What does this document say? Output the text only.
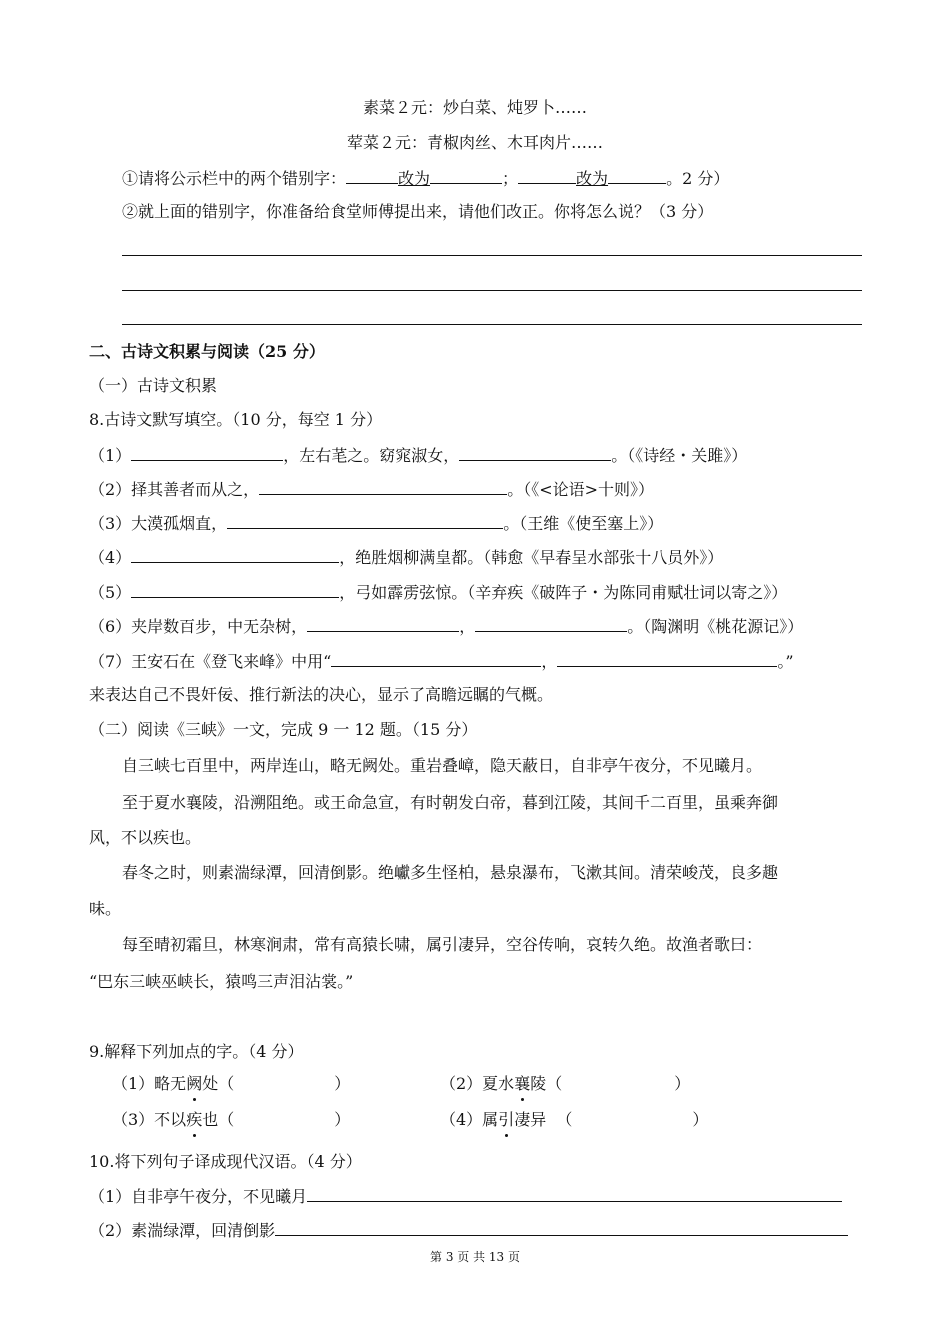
素菜２元：炒白菜、炖罗卜……
荤菜２元：青椒肉丝、木耳肉片……
①请将公示栏中的两个错别字：	改为	；	改为	。2 分）
②就上面的错别字，你准备给食堂师傅提出来，请他们改正。你将怎么说？（3 分）
二、古诗文积累与阅读（25 分）
（一）古诗文积累
8.古诗文默写填空。（10 分，每空 1 分）
（1）	，左右芼之。窈窕淑女，	。（《诗经・关雎》）
（2）择其善者而从之，	。（《<论语>十则》）
（3）大漠孤烟直，	。（王维《使至塞上》）
（4）	，绝胜烟柳满皇都。（韩愈《早春呈水部张十八员外》）
（5）	，弓如霹雳弦惊。（辛弃疾《破阵子・为陈同甫赋壮词以寄之》）
（6）夹岸数百步，中无杂树，	，	。（陶渊明《桃花源记》）
（7）王安石在《登飞来峰》中用“	，	。”
来表达自己不畏奸佞、推行新法的决心，显示了高瞻远瞩的气概。
（二）阅读《三峡》一文，完成 9 一 12 题。（15 分）
自三峡七百里中，两岸连山，略无阙处。重岩叠嶂，隐天蔽日，自非亭午夜分，不见曦月。
至于夏水襄陵，沿溯阻绝。或王命急宣，有时朝发白帝，暮到江陵，其间千二百里，虽乘奔御
风，不以疾也。
春冬之时，则素湍绿潭，回清倒影。绝巘多生怪柏，悬泉瀑布，飞漱其间。清荣峻茂，良多趣
味。
每至晴初霜旦，林寒涧肃，常有高猿长啸，属引凄异，空谷传响，哀转久绝。故渔者歌曰：
“巴东三峡巫峡长，猿鸣三声泪沾裳。”
9.解释下列加点的字。（4 分）
（1）略无阙处（	）	（2）夏水襄陵（	）
（3）不以疾也（	）	（4）属引凄异  （	）
10.将下列句子译成现代汉语。（4 分）
（1）自非亭午夜分，不见曦月
（2）素湍绿潭，回清倒影
第 3 页 共 13 页
